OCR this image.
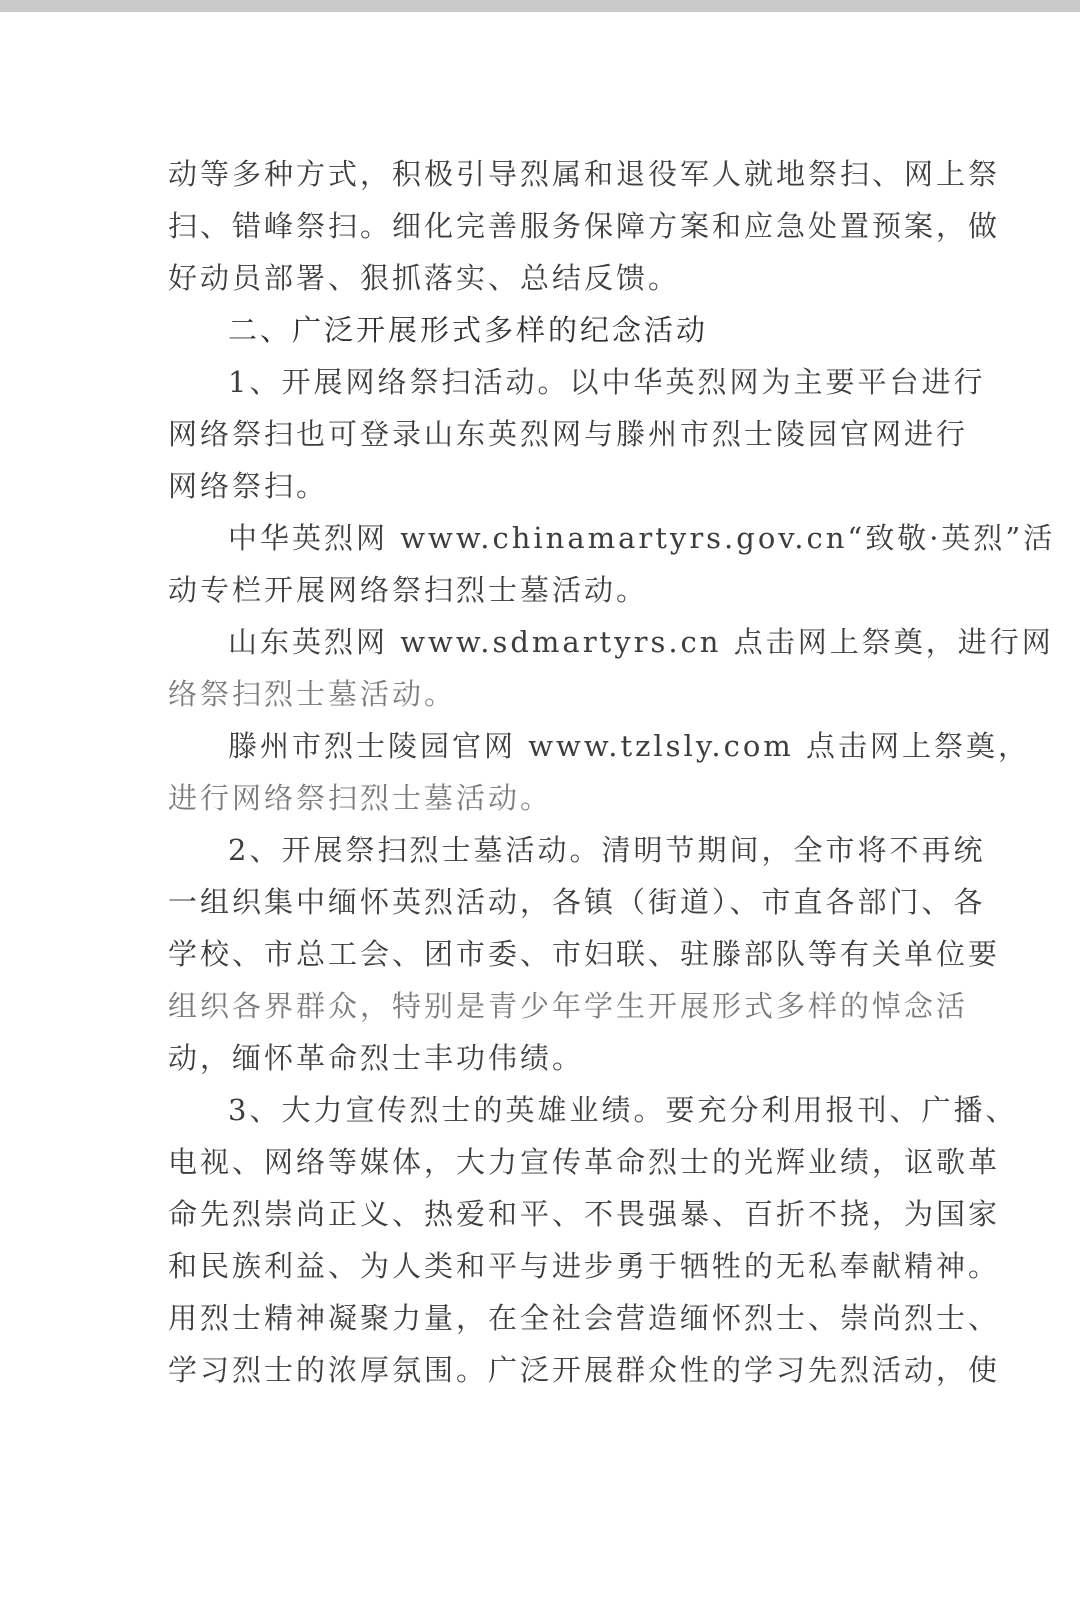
动等多种方式，积极引导烈属和退役军人就地祭扫、网上祭
扫、错峰祭扫。细化完善服务保障方案和应急处置预案，做
好动员部署、狠抓落实、总结反馈。
二、广泛开展形式多样的纪念活动
1、开展网络祭扫活动。以中华英烈网为主要平台进行
网络祭扫也可登录山东英烈网与滕州市烈士陵园官网进行
网络祭扫。
中华英烈网 www.chinamartyrs.gov.cn“致敬·英烈”活
动专栏开展网络祭扫烈士墓活动。
山东英烈网 www.sdmartyrs.cn 点击网上祭奠，进行网
络祭扫烈士墓活动。
滕州市烈士陵园官网 www.tzlsly.com 点击网上祭奠，
进行网络祭扫烈士墓活动。
2、开展祭扫烈士墓活动。清明节期间，全市将不再统
一组织集中缅怀英烈活动，各镇（街道）、市直各部门、各
学校、市总工会、团市委、市妇联、驻滕部队等有关单位要
组织各界群众，特别是青少年学生开展形式多样的悼念活
动，缅怀革命烈士丰功伟绩。
3、大力宣传烈士的英雄业绩。要充分利用报刊、广播、
电视、网络等媒体，大力宣传革命烈士的光辉业绩，讴歌革
命先烈崇尚正义、热爱和平、不畏强暴、百折不挠，为国家
和民族利益、为人类和平与进步勇于牺牲的无私奉献精神。
用烈士精神凝聚力量，在全社会营造缅怀烈士、崇尚烈士、
学习烈士的浓厚氛围。广泛开展群众性的学习先烈活动，使
